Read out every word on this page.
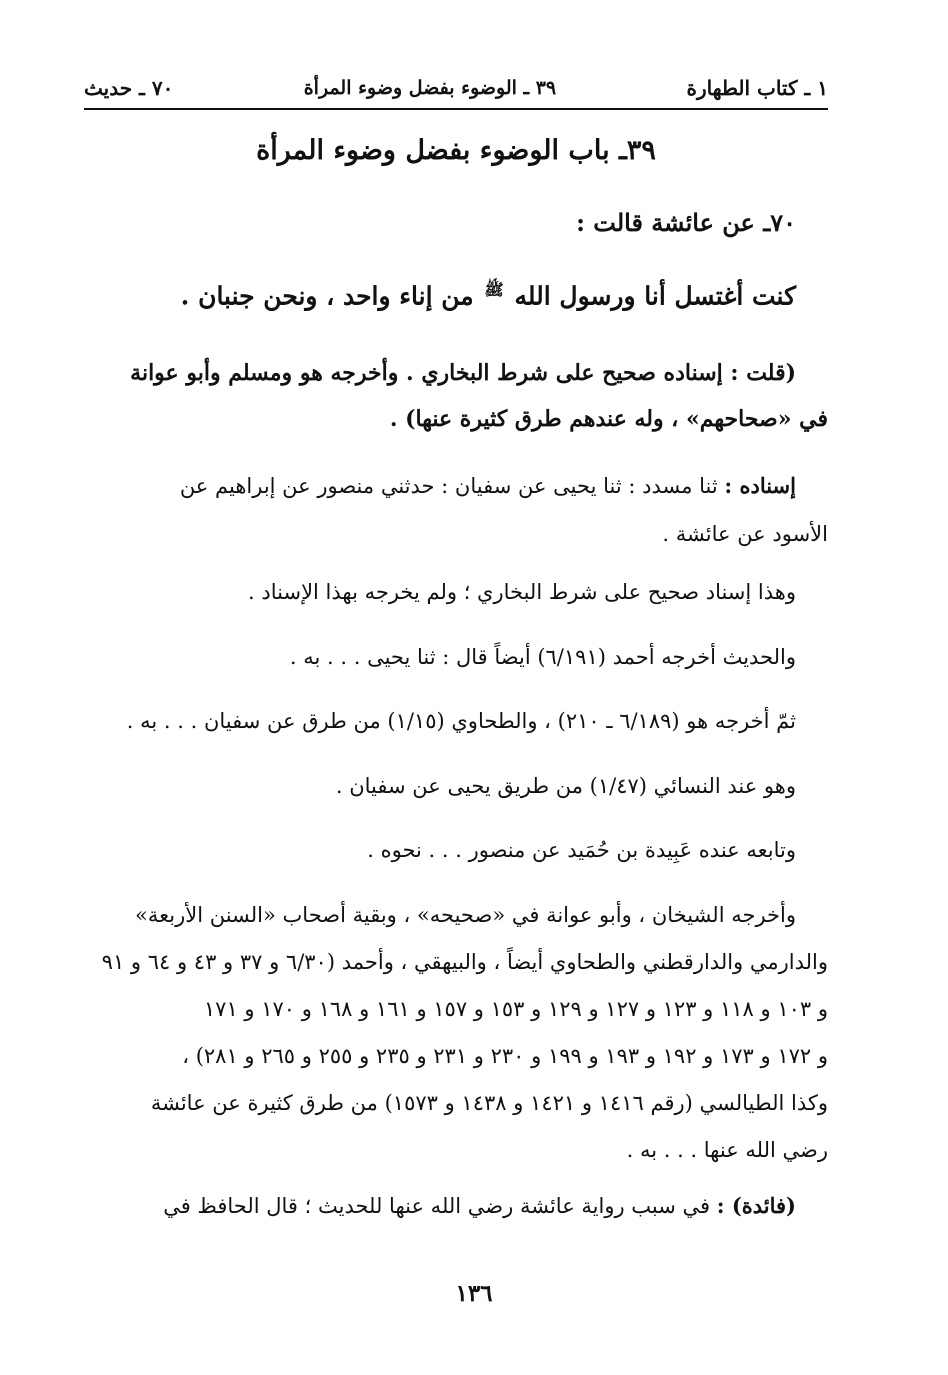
١ ـ كتاب الطهارة
٣٩ ـ الوضوء بفضل وضوء المرأة
٧٠ ـ حديث
٣٩ـ باب الوضوء بفضل وضوء المرأة
٧٠ـ عن عائشة قالت :
كنت أغتسل أنا ورسول الله ﷺ من إناء واحد ، ونحن جنبان .
(قلت : إسناده صحيح على شرط البخاري . وأخرجه هو ومسلم وأبو عوانة
في «صحاحهم» ، وله عندهم طرق كثيرة عنها) .
إسناده : ثنا مسدد : ثنا يحيى عن سفيان : حدثني منصور عن إبراهيم عن
الأسود عن عائشة .
وهذا إسناد صحيح على شرط البخاري ؛ ولم يخرجه بهذا الإسناد .
والحديث أخرجه أحمد (٦/١٩١) أيضاً قال : ثنا يحيى . . . به .
ثمّ أخرجه هو (٦/١٨٩ ـ ٢١٠) ، والطحاوي (١/١٥) من طرق عن سفيان . . . به .
وهو عند النسائي (١/٤٧) من طريق يحيى عن سفيان .
وتابعه عنده عَبِيدة بن حُمَيد عن منصور . . . نحوه .
وأخرجه الشيخان ، وأبو عوانة في «صحيحه» ، وبقية أصحاب «السنن الأربعة»
والدارمي والدارقطني والطحاوي أيضاً ، والبيهقي ، وأحمد (٦/٣٠ و ٣٧ و ٤٣ و ٦٤ و ٩١
و ١٠٣ و ١١٨ و ١٢٣ و ١٢٧ و ١٢٩ و ١٥٣ و ١٥٧ و ١٦١ و ١٦٨ و ١٧٠ و ١٧١
و ١٧٢ و ١٧٣ و ١٩٢ و ١٩٣ و ١٩٩ و ٢٣٠ و ٢٣١ و ٢٣٥ و ٢٥٥ و ٢٦٥ و ٢٨١) ،
وكذا الطيالسي (رقم ١٤١٦ و ١٤٢١ و ١٤٣٨ و ١٥٧٣) من طرق كثيرة عن عائشة
رضي الله عنها . . . به .
(فائدة) : في سبب رواية عائشة رضي الله عنها للحديث ؛ قال الحافظ في
١٣٦
